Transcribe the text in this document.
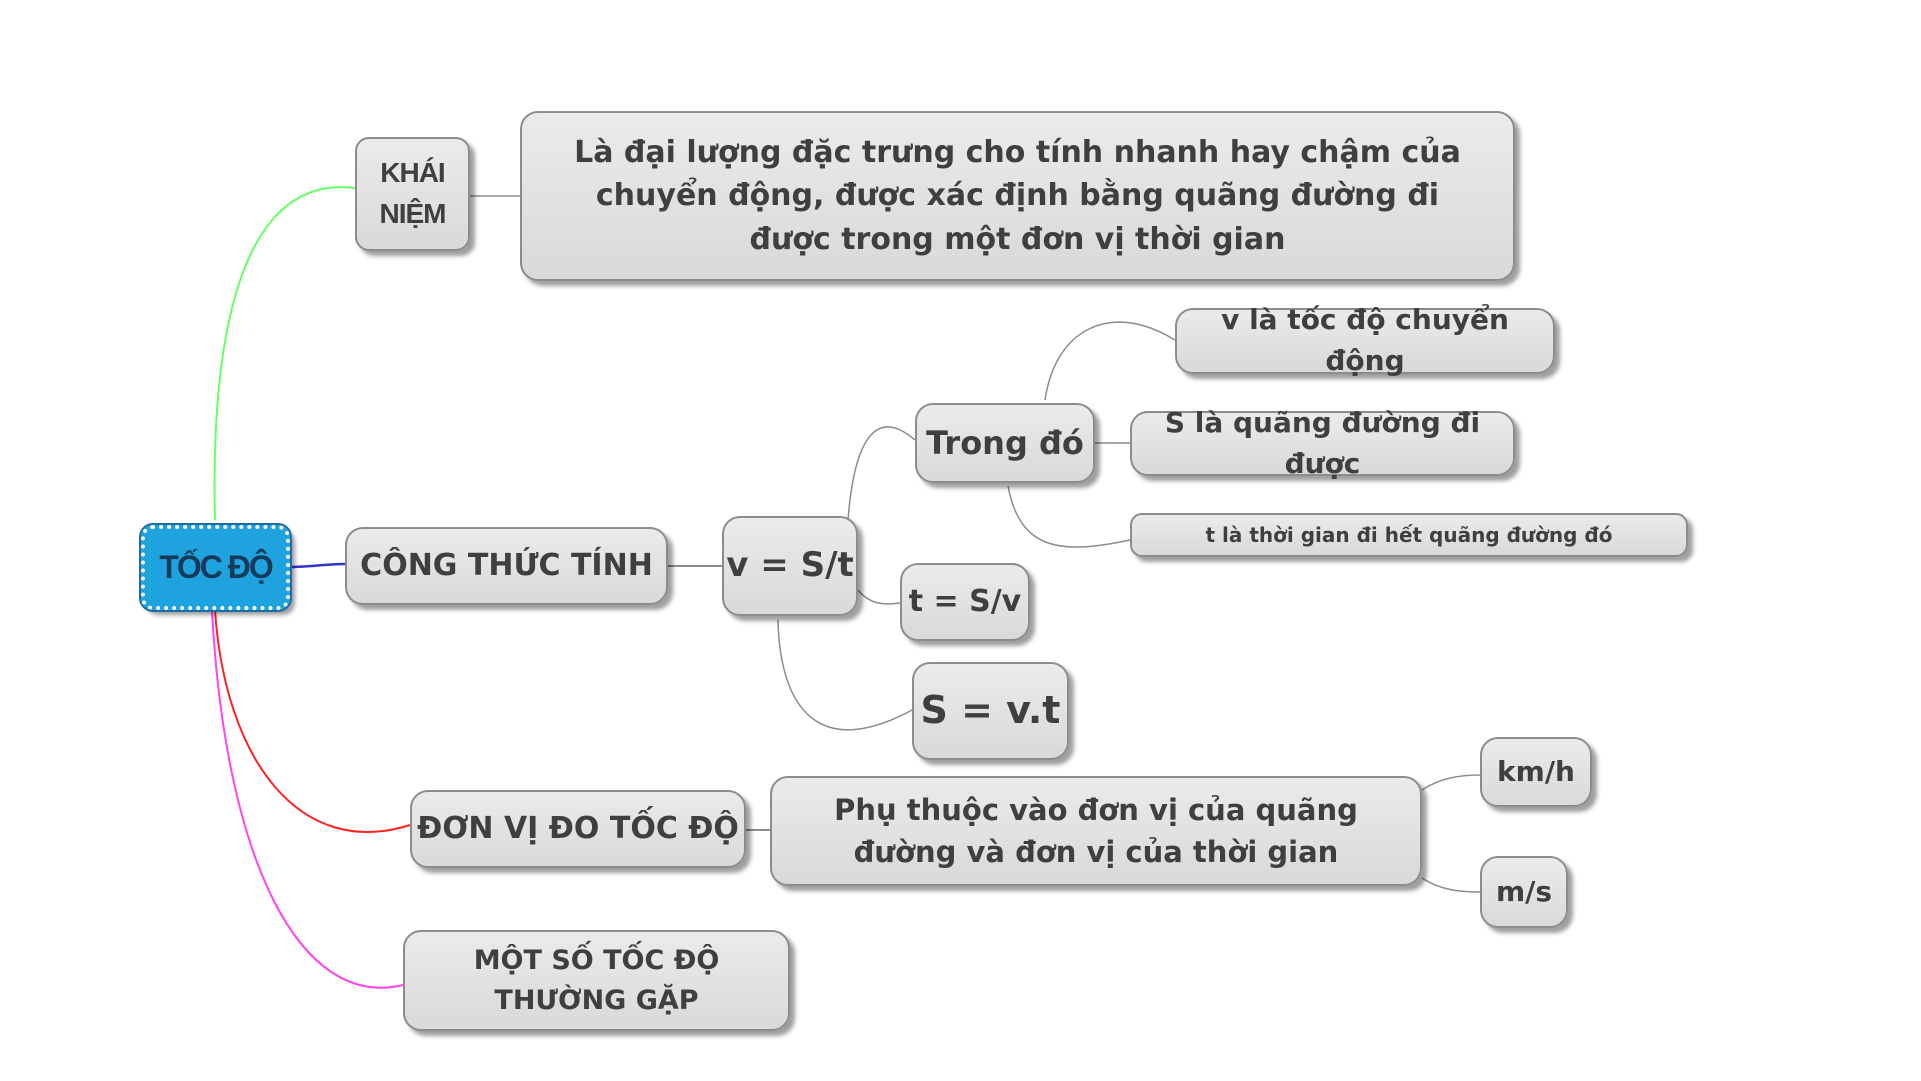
TỐC ĐỘ
KHÁI NIỆM
Là đại lượng đặc trưng cho tính nhanh hay chậm của chuyển động, được xác định bằng quãng đường đi được trong một đơn vị thời gian
CÔNG THỨC TÍNH v = S/t
Trong đó
v là tốc độ chuyển động
S là quãng đường đi được
t là thời gian đi hết quãng đường đó
t = S/v
S = v.t
ĐƠN VỊ ĐO TỐC ĐỘ
Phụ thuộc vào đơn vị của quãng đường và đơn vị của thời gian
km/h
m/s
MỘT SỐ TỐC ĐỘ THƯỜNG GẶP
